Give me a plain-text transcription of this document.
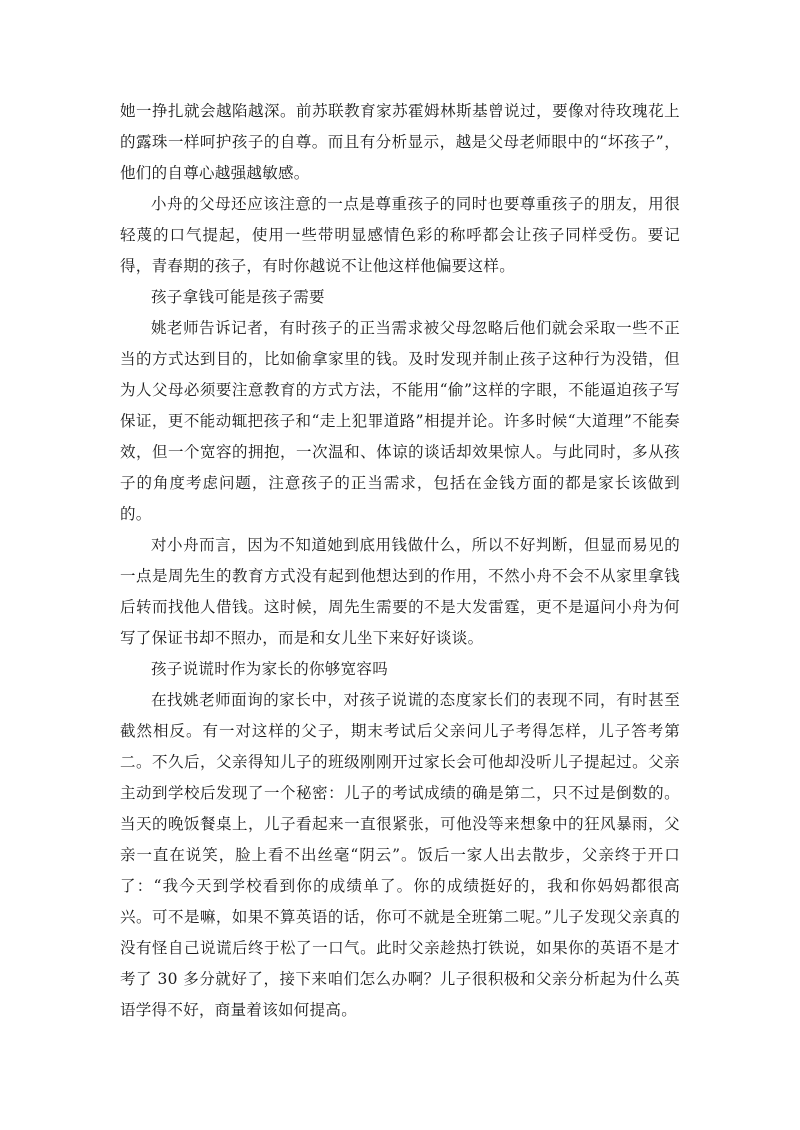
她一挣扎就会越陷越深。前苏联教育家苏霍姆林斯基曾说过，要像对待玫瑰花上的露珠一样呵护孩子的自尊。而且有分析显示，越是父母老师眼中的“坏孩子”，他们的自尊心越强越敏感。

小舟的父母还应该注意的一点是尊重孩子的同时也要尊重孩子的朋友，用很轻蔑的口气提起，使用一些带明显感情色彩的称呼都会让孩子同样受伤。要记得，青春期的孩子，有时你越说不让他这样他偏要这样。

孩子拿钱可能是孩子需要

姚老师告诉记者，有时孩子的正当需求被父母忽略后他们就会采取一些不正当的方式达到目的，比如偷拿家里的钱。及时发现并制止孩子这种行为没错，但为人父母必须要注意教育的方式方法，不能用“偷”这样的字眼，不能逼迫孩子写保证，更不能动辄把孩子和“走上犯罪道路”相提并论。许多时候“大道理”不能奏效，但一个宽容的拥抱，一次温和、体谅的谈话却效果惊人。与此同时，多从孩子的角度考虑问题，注意孩子的正当需求，包括在金钱方面的都是家长该做到的。

对小舟而言，因为不知道她到底用钱做什么，所以不好判断，但显而易见的一点是周先生的教育方式没有起到他想达到的作用，不然小舟不会不从家里拿钱后转而找他人借钱。这时候，周先生需要的不是大发雷霆，更不是逼问小舟为何写了保证书却不照办，而是和女儿坐下来好好谈谈。

孩子说谎时作为家长的你够宽容吗

在找姚老师面询的家长中，对孩子说谎的态度家长们的表现不同，有时甚至截然相反。有一对这样的父子，期末考试后父亲问儿子考得怎样，儿子答考第二。不久后，父亲得知儿子的班级刚刚开过家长会可他却没听儿子提起过。父亲主动到学校后发现了一个秘密：儿子的考试成绩的确是第二，只不过是倒数的。当天的晚饭餐桌上，儿子看起来一直很紧张，可他没等来想象中的狂风暴雨，父亲一直在说笑，脸上看不出丝毫“阴云”。饭后一家人出去散步，父亲终于开口了：“我今天到学校看到你的成绩单了。你的成绩挺好的，我和你妈妈都很高兴。可不是嘛，如果不算英语的话，你可不就是全班第二呢。”儿子发现父亲真的没有怪自己说谎后终于松了一口气。此时父亲趁热打铁说，如果你的英语不是才考了 30 多分就好了，接下来咱们怎么办啊？儿子很积极和父亲分析起为什么英语学得不好，商量着该如何提高。
